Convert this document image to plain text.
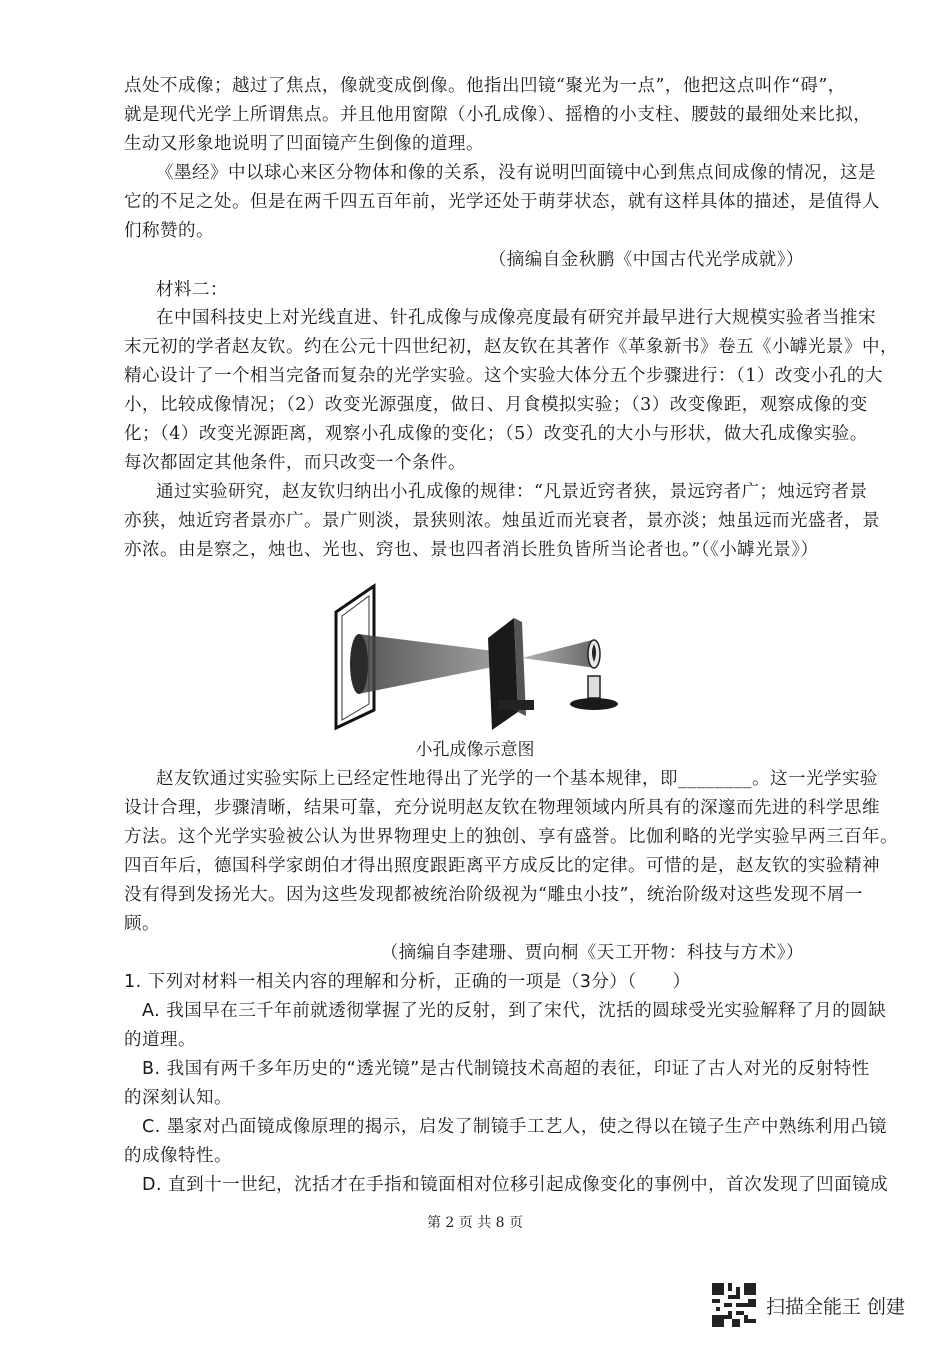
点处不成像；越过了焦点，像就变成倒像。他指出凹镜“聚光为一点”，他把这点叫作“碍”，
就是现代光学上所谓焦点。并且他用窗隙（小孔成像）、摇橹的小支柱、腰鼓的最细处来比拟，
生动又形象地说明了凹面镜产生倒像的道理。
《墨经》中以球心来区分物体和像的关系，没有说明凹面镜中心到焦点间成像的情况，这是
它的不足之处。但是在两千四五百年前，光学还处于萌芽状态，就有这样具体的描述，是值得人
们称赞的。
（摘编自金秋鹏《中国古代光学成就》）
材料二：
在中国科技史上对光线直进、针孔成像与成像亮度最有研究并最早进行大规模实验者当推宋
末元初的学者赵友钦。约在公元十四世纪初，赵友钦在其著作《革象新书》卷五《小罅光景》中，
精心设计了一个相当完备而复杂的光学实验。这个实验大体分五个步骤进行：（1）改变小孔的大
小，比较成像情况；（2）改变光源强度，做日、月食模拟实验；（3）改变像距，观察成像的变
化；（4）改变光源距离，观察小孔成像的变化；（5）改变孔的大小与形状，做大孔成像实验。
每次都固定其他条件，而只改变一个条件。
通过实验研究，赵友钦归纳出小孔成像的规律：“凡景近窍者狭，景远窍者广；烛远窍者景
亦狭，烛近窍者景亦广。景广则淡，景狭则浓。烛虽近而光衰者，景亦淡；烛虽远而光盛者，景
亦浓。由是察之，烛也、光也、窍也、景也四者消长胜负皆所当论者也。”（《小罅光景》）
小孔成像示意图
赵友钦通过实验实际上已经定性地得出了光学的一个基本规律，即________。这一光学实验
设计合理，步骤清晰，结果可靠，充分说明赵友钦在物理领域内所具有的深邃而先进的科学思维
方法。这个光学实验被公认为世界物理史上的独创、享有盛誉。比伽利略的光学实验早两三百年。
四百年后，德国科学家朗伯才得出照度跟距离平方成反比的定律。可惜的是，赵友钦的实验精神
没有得到发扬光大。因为这些发现都被统治阶级视为“雕虫小技”，统治阶级对这些发现不屑一
顾。
（摘编自李建珊、贾向桐《天工开物：科技与方术》）
1. 下列对材料一相关内容的理解和分析，正确的一项是（3分）（　　）
A. 我国早在三千年前就透彻掌握了光的反射，到了宋代，沈括的圆球受光实验解释了月的圆缺
的道理。
B. 我国有两千多年历史的“透光镜”是古代制镜技术高超的表征，印证了古人对光的反射特性
的深刻认知。
C. 墨家对凸面镜成像原理的揭示，启发了制镜手工艺人，使之得以在镜子生产中熟练利用凸镜
的成像特性。
D. 直到十一世纪，沈括才在手指和镜面相对位移引起成像变化的事例中，首次发现了凹面镜成
第 2 页 共 8 页
扫描全能王 创建
